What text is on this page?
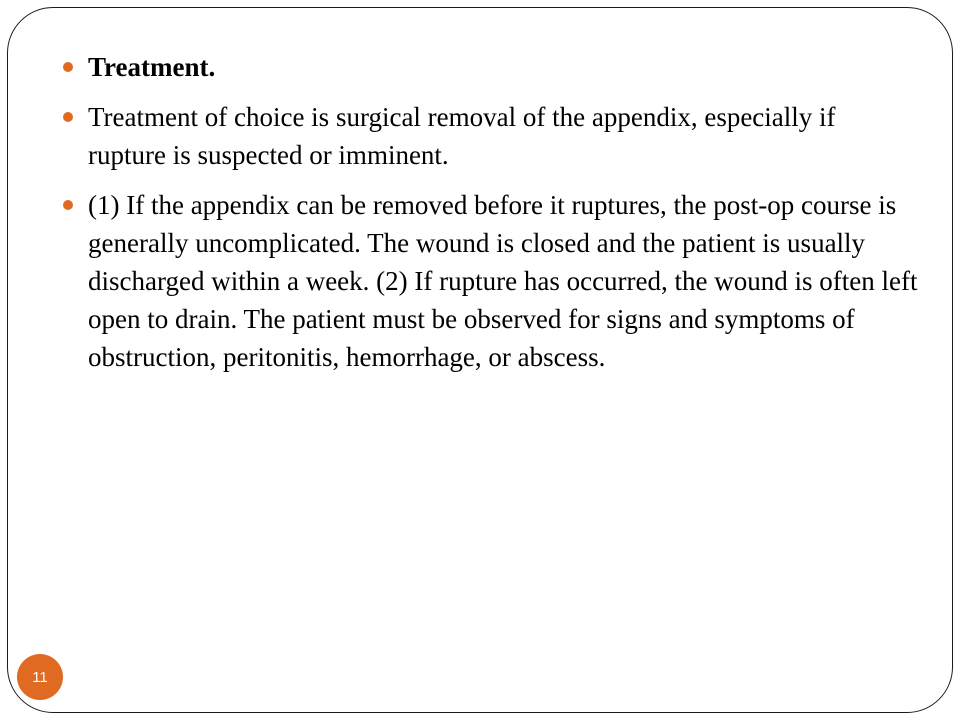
Treatment.
Treatment of choice is surgical removal of the appendix, especially if rupture is suspected or imminent.
(1) If the appendix can be removed before it ruptures, the post-op course is generally uncomplicated. The wound is closed and the patient is usually discharged within a week. (2) If rupture has occurred, the wound is often left open to drain. The patient must be observed for signs and symptoms of obstruction, peritonitis, hemorrhage, or abscess.
11
